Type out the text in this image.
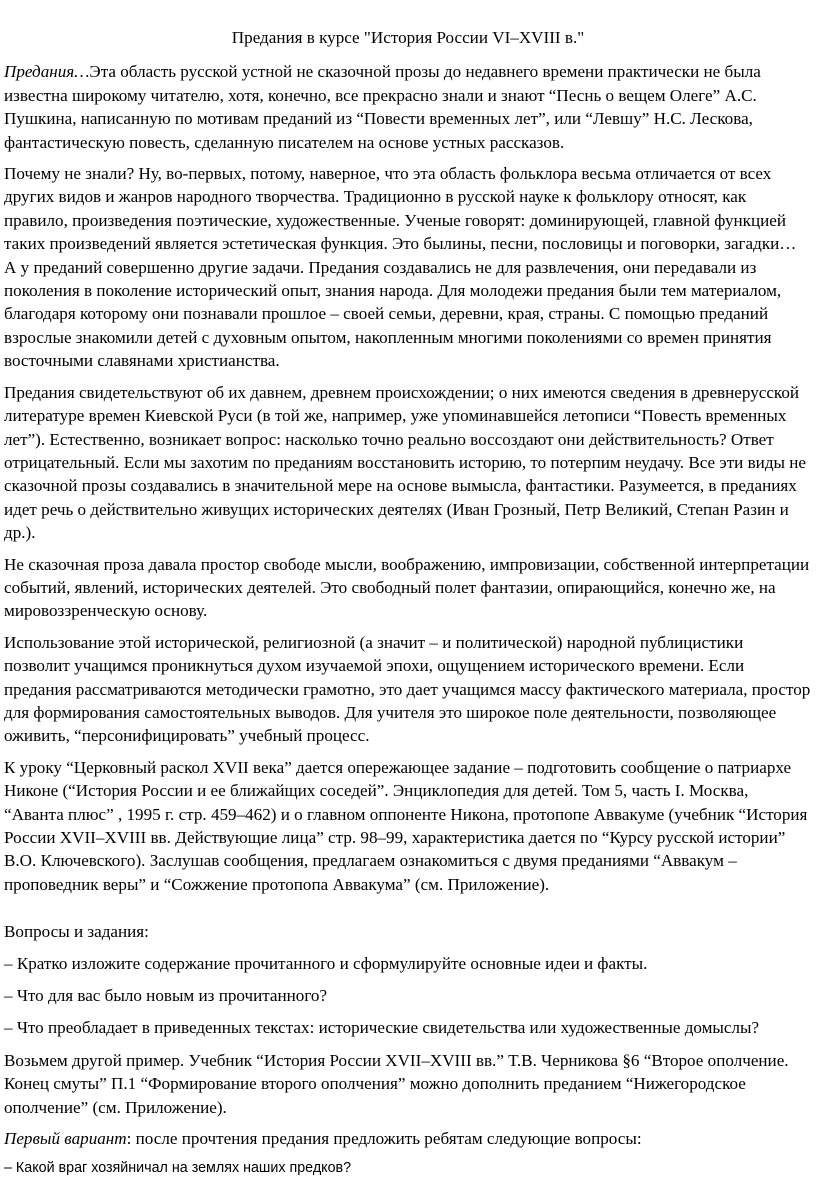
Предания в курсе "История России VI–XVIII в."

Предания…Эта область русской устной не сказочной прозы до недавнего времени практически не была известна широкому читателю, хотя, конечно, все прекрасно знали и знают “Песнь о вещем Олеге” А.С. Пушкина, написанную по мотивам преданий из “Повести временных лет”, или “Левшу” Н.С. Лескова, фантастическую повесть, сделанную писателем на основе устных рассказов.

Почему не знали? Ну, во-первых, потому, наверное, что эта область фольклора весьма отличается от всех других видов и жанров народного творчества. Традиционно в русской науке к фольклору относят, как правило, произведения поэтические, художественные. Ученые говорят: доминирующей, главной функцией таких произведений является эстетическая функция. Это былины, песни, пословицы и поговорки, загадки… А у преданий совершенно другие задачи. Предания создавались не для развлечения, они передавали из поколения в поколение исторический опыт, знания народа. Для молодежи предания были тем материалом, благодаря которому они познавали прошлое – своей семьи, деревни, края, страны. С помощью преданий взрослые знакомили детей с духовным опытом, накопленным многими поколениями со времен принятия восточными славянами христианства.

Предания свидетельствуют об их давнем, древнем происхождении; о них имеются сведения в древнерусской литературе времен Киевской Руси (в той же, например, уже упоминавшейся летописи “Повесть временных лет”). Естественно, возникает вопрос: насколько точно реально воссоздают они действительность? Ответ отрицательный. Если мы захотим по преданиям восстановить историю, то потерпим неудачу. Все эти виды не сказочной прозы создавались в значительной мере на основе вымысла, фантастики. Разумеется, в преданиях идет речь о действительно живущих исторических деятелях (Иван Грозный, Петр Великий, Степан Разин и др.).

Не сказочная проза давала простор свободе мысли, воображению, импровизации, собственной интерпретации событий, явлений, исторических деятелей. Это свободный полет фантазии, опирающийся, конечно же, на мировоззренческую основу.

Использование этой исторической, религиозной (а значит – и политической) народной публицистики позволит учащимся проникнуться духом изучаемой эпохи, ощущением исторического времени. Если предания рассматриваются методически грамотно, это дает учащимся массу фактического материала, простор для формирования самостоятельных выводов. Для учителя это широкое поле деятельности, позволяющее оживить, “персонифицировать” учебный процесс.

К уроку “Церковный раскол XVII века” дается опережающее задание – подготовить сообщение о патриархе Никоне (“История России и ее ближайщих соседей”. Энциклопедия для детей. Том 5, часть I. Москва, “Аванта плюс” , 1995 г. стр. 459–462) и о главном оппоненте Никона, протопопе Аввакуме (учебник “История России XVII–XVIII вв. Действующие лица” стр. 98–99, характеристика дается по “Курсу русской истории” В.О. Ключевского). Заслушав сообщения, предлагаем ознакомиться с двумя преданиями “Аввакум – проповедник веры” и “Сожжение протопопа Аввакума” (см. Приложение).

Вопросы и задания:

– Кратко изложите содержание прочитанного и сформулируйте основные идеи и факты.

– Что для вас было новым из прочитанного?

– Что преобладает в приведенных текстах: исторические свидетельства или художественные домыслы?

Возьмем другой пример. Учебник “История России XVII–XVIII вв.” Т.В. Черникова §6 “Второе ополчение. Конец смуты” П.1 “Формирование второго ополчения” можно дополнить преданием “Нижегородское ополчение” (см. Приложение).

Первый вариант: после прочтения предания предложить ребятам следующие вопросы:

– Какой враг хозяйничал на землях наших предков?
